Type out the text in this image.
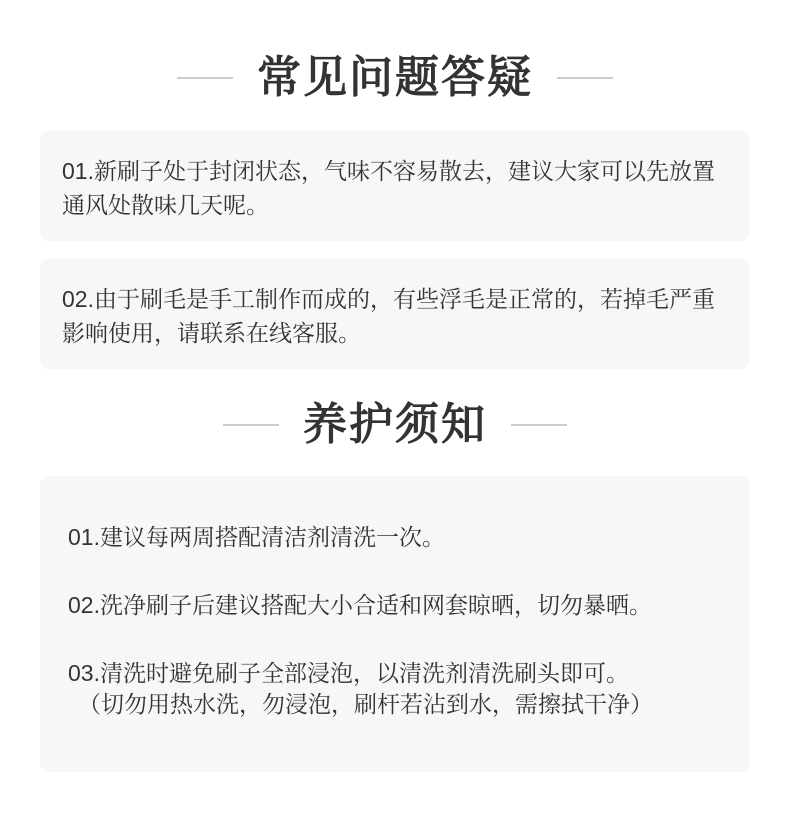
常见问题答疑

01.新刷子处于封闭状态，气味不容易散去，建议大家可以先放置通风处散味几天呢。

02.由于刷毛是手工制作而成的，有些浮毛是正常的，若掉毛严重影响使用，请联系在线客服。

养护须知

01.建议每两周搭配清洁剂清洗一次。

02.洗净刷子后建议搭配大小合适和网套晾晒，切勿暴晒。

03.清洗时避免刷子全部浸泡，以清洗剂清洗刷头即可。

（切勿用热水洗，勿浸泡，刷杆若沾到水，需擦拭干净）
